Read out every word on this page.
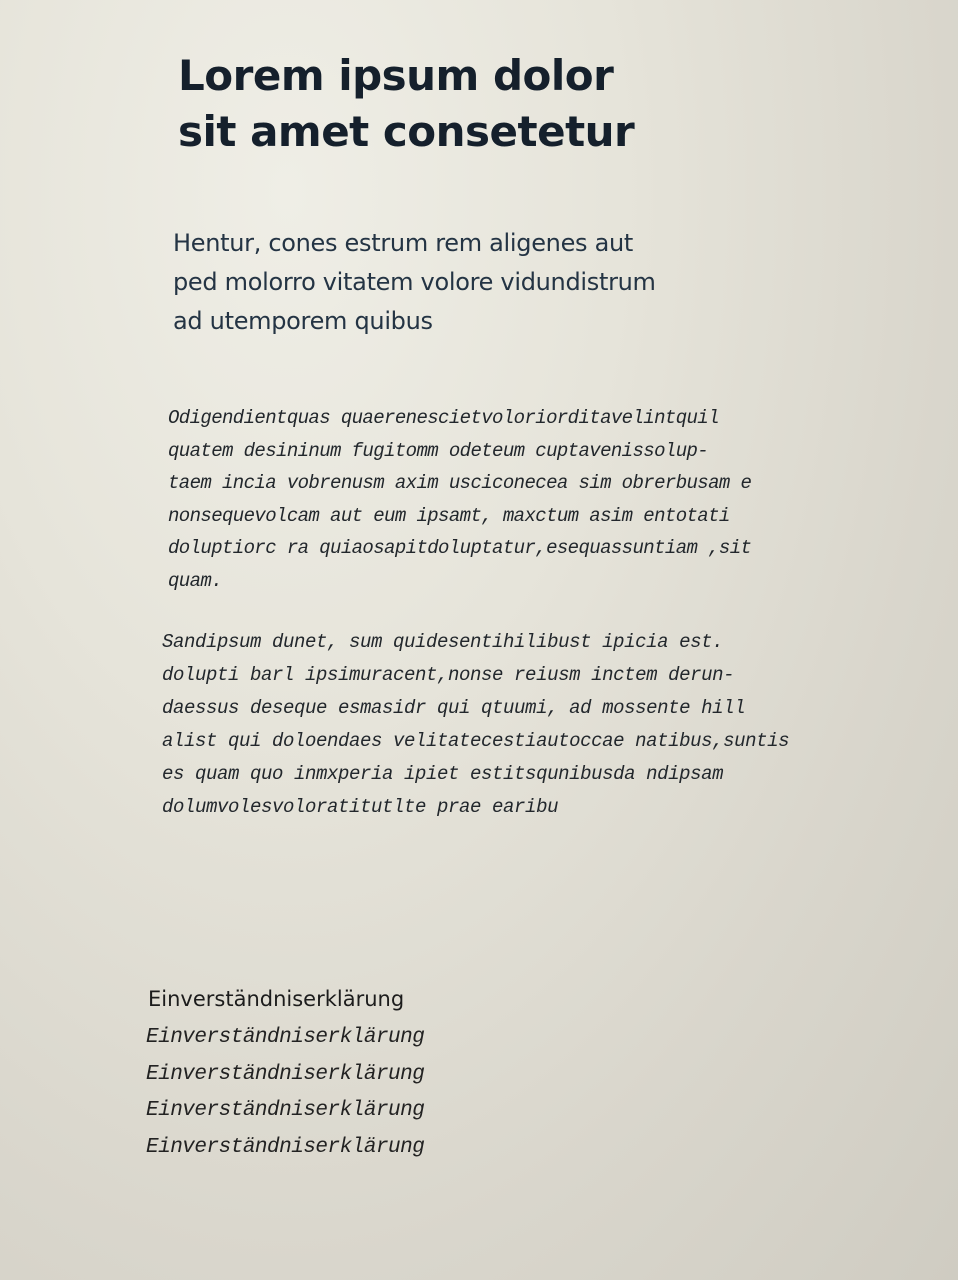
Lorem ipsum dolor
sit amet consetetur

Hentur, cones estrum rem aligenes aut
ped molorro vitatem volore vidundistrum
ad utemporem quibus

Odigendientquas quaerenescietvoloriorditavelintquil
quatem desininum fugitomm odeteum cuptavenissolup-
taem incia vobrenusm axim usciconecea sim obrerbusam e
nonsequevolcam aut eum ipsamt, maxctum asim entotati
doluptiorc ra quiaosapitdoluptatur,esequassuntiam ,sit
quam.

Sandipsum dunet, sum quidesentihilibust ipicia est.
dolupti barl ipsimuracent,nonse reiusm inctem derun-
daessus deseque esmasidr qui qtuumi, ad mossente hill
alist qui doloendaes velitatecestiautoccae natibus,suntis
es quam quo inmxperia ipiet estitsqunibusda ndipsam
dolumvolesvoloratitutlte prae earibu

Einverständniserklärung

Einverständniserklärung
Einverständniserklärung
Einverständniserklärung
Einverständniserklärung
